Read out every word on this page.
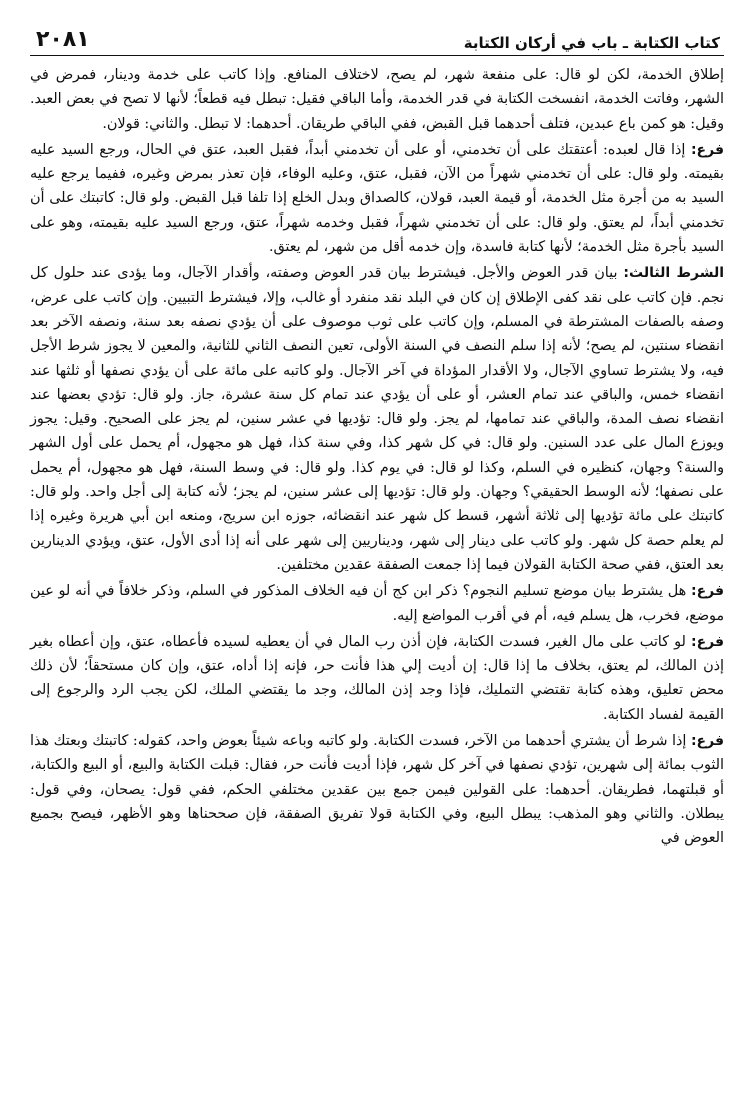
كتاب الكتابة ـ باب في أركان الكتابة
٢٠٨١

إطلاق الخدمة، لكن لو قال: على منفعة شهر، لم يصح، لاختلاف المنافع. وإذا كاتب على خدمة ودينار، فمرض في الشهر، وفاتت الخدمة، انفسخت الكتابة في قدر الخدمة، وأما الباقي فقيل: تبطل فيه قطعاً؛ لأنها لا تصح في بعض العبد. وقيل: هو كمن باع عبدين، فتلف أحدهما قبل القبض، ففي الباقي طريقان. أحدهما: لا تبطل. والثاني: قولان.

فرع: إذا قال لعبده: أعتقتك على أن تخدمني، أو على أن تخدمني أبداً، فقبل العبد، عتق في الحال، ورجع السيد عليه بقيمته. ولو قال: على أن تخدمني شهراً من الآن، فقبل، عتق، وعليه الوفاء، فإن تعذر بمرض وغيره، ففيما يرجع عليه السيد به من أجرة مثل الخدمة، أو قيمة العبد، قولان، كالصداق وبدل الخلع إذا تلفا قبل القبض. ولو قال: كاتبتك على أن تخدمني أبداً، لم يعتق. ولو قال: على أن تخدمني شهراً، فقبل وخدمه شهراً، عتق، ورجع السيد عليه بقيمته، وهو على السيد بأجرة مثل الخدمة؛ لأنها كتابة فاسدة، وإن خدمه أقل من شهر، لم يعتق.

الشرط الثالث: بيان قدر العوض والأجل. فيشترط بيان قدر العوض وصفته، وأقدار الآجال، وما يؤدى عند حلول كل نجم. فإن كاتب على نقد كفى الإطلاق إن كان في البلد نقد منفرد أو غالب، وإلا، فيشترط التبيين. وإن كاتب على عرض، وصفه بالصفات المشترطة في المسلم، وإن كاتب على ثوب موصوف على أن يؤدي نصفه بعد سنة، ونصفه الآخر بعد انقضاء سنتين، لم يصح؛ لأنه إذا سلم النصف في السنة الأولى، تعين النصف الثاني للثانية، والمعين لا يجوز شرط الأجل فيه، ولا يشترط تساوي الآجال، ولا الأقدار المؤداة في آخر الآجال. ولو كاتبه على مائة على أن يؤدي نصفها أو ثلثها عند انقضاء خمس، والباقي عند تمام العشر، أو على أن يؤدي عند تمام كل سنة عشرة، جاز. ولو قال: تؤدي بعضها عند انقضاء نصف المدة، والباقي عند تمامها، لم يجز. ولو قال: تؤديها في عشر سنين، لم يجز على الصحيح. وقيل: يجوز ويوزع المال على عدد السنين. ولو قال: في كل شهر كذا، وفي سنة كذا، فهل هو مجهول، أم يحمل على أول الشهر والسنة؟ وجهان، كنظيره في السلم، وكذا لو قال: في يوم كذا. ولو قال: في وسط السنة، فهل هو مجهول، أم يحمل على نصفها؛ لأنه الوسط الحقيقي؟ وجهان. ولو قال: تؤديها إلى عشر سنين، لم يجز؛ لأنه كتابة إلى أجل واحد. ولو قال: كاتبتك على مائة تؤديها إلى ثلاثة أشهر، قسط كل شهر عند انقضائه، جوزه ابن سريج، ومنعه ابن أبي هريرة وغيره إذا لم يعلم حصة كل شهر. ولو كاتب على دينار إلى شهر، وديناريين إلى شهر على أنه إذا أدى الأول، عتق، ويؤدي الدينارين بعد العتق، ففي صحة الكتابة القولان فيما إذا جمعت الصفقة عقدين مختلفين.

فرع: هل يشترط بيان موضع تسليم النجوم؟ ذكر ابن كج أن فيه الخلاف المذكور في السلم، وذكر خلافاً في أنه لو عين موضع، فخرب، هل يسلم فيه، أم في أقرب المواضع إليه.

فرع: لو كاتب على مال الغير، فسدت الكتابة، فإن أذن رب المال في أن يعطيه لسيده فأعطاه، عتق، وإن أعطاه بغير إذن المالك، لم يعتق، بخلاف ما إذا قال: إن أديت إلي هذا فأنت حر، فإنه إذا أداه، عتق، وإن كان مستحقاً؛ لأن ذلك محض تعليق، وهذه كتابة تقتضي التمليك، فإذا وجد إذن المالك، وجد ما يقتضي الملك، لكن يجب الرد والرجوع إلى القيمة لفساد الكتابة.

فرع: إذا شرط أن يشتري أحدهما من الآخر، فسدت الكتابة. ولو كاتبه وباعه شيئاً بعوض واحد، كقوله: كاتبتك وبعتك هذا الثوب بمائة إلى شهرين، تؤدي نصفها في آخر كل شهر، فإذا أديت فأنت حر، فقال: قبلت الكتابة والبيع، أو البيع والكتابة، أو قبلتهما، فطريقان. أحدهما: على القولين فيمن جمع بين عقدين مختلفي الحكم، ففي قول: يصحان، وفي قول: يبطلان. والثاني وهو المذهب: يبطل البيع، وفي الكتابة قولا تفريق الصفقة، فإن صححناها وهو الأظهر، فيصح بجميع العوض في
